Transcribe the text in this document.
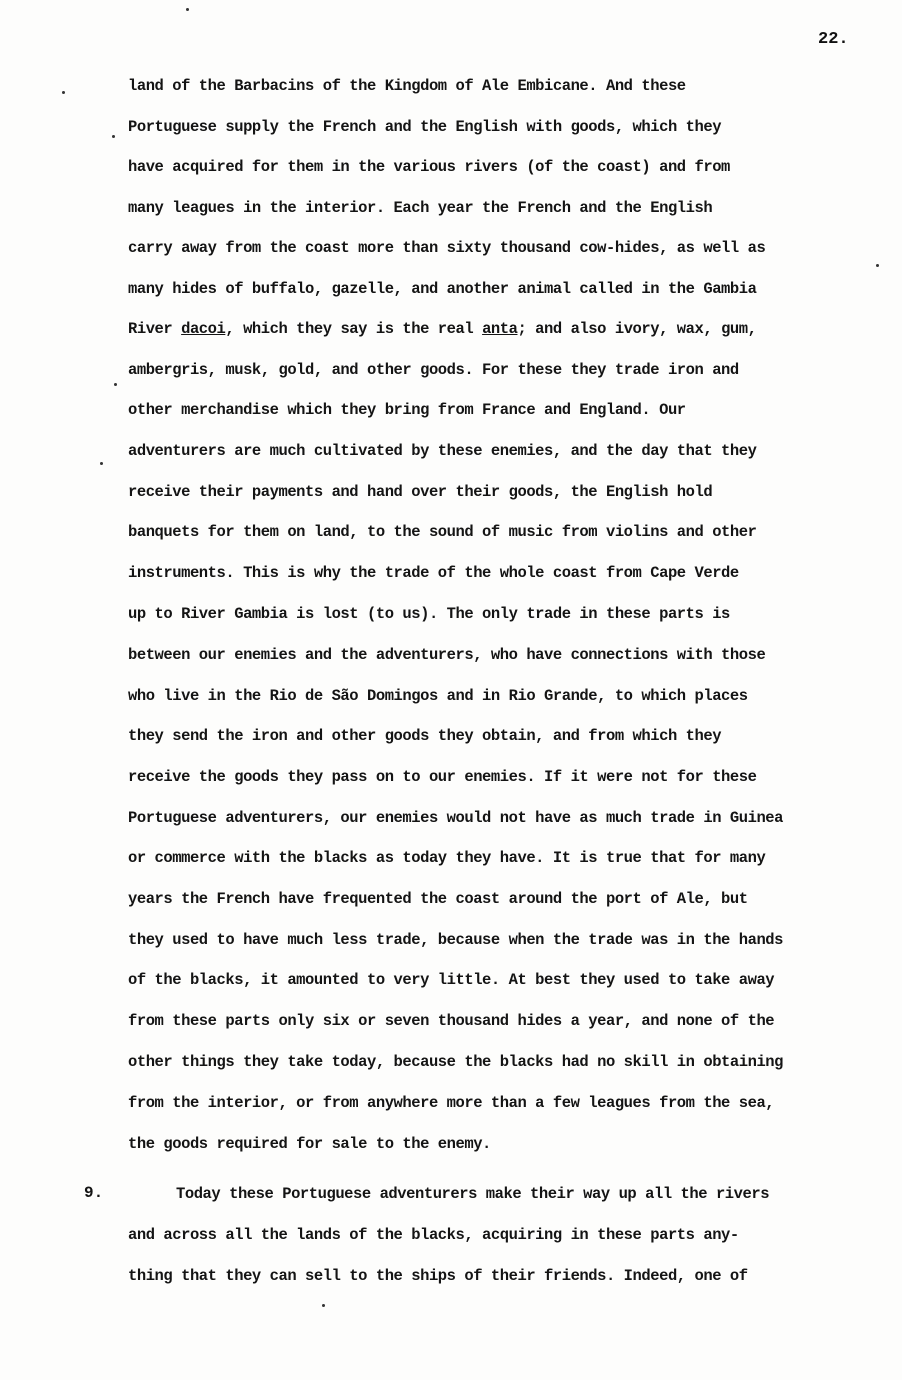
22.
land of the Barbacins of the Kingdom of Ale Embicane. And these
Portuguese supply the French and the English with goods, which they
have acquired for them in the various rivers (of the coast) and from
many leagues in the interior. Each year the French and the English
carry away from the coast more than sixty thousand cow-hides, as well as
many hides of buffalo, gazelle, and another animal called in the Gambia
River dacoi, which they say is the real anta; and also ivory, wax, gum,
ambergris, musk, gold, and other goods. For these they trade iron and
other merchandise which they bring from France and England. Our
adventurers are much cultivated by these enemies, and the day that they
receive their payments and hand over their goods, the English hold
banquets for them on land, to the sound of music from violins and other
instruments. This is why the trade of the whole coast from Cape Verde
up to River Gambia is lost (to us). The only trade in these parts is
between our enemies and the adventurers, who have connections with those
who live in the Rio de São Domingos and in Rio Grande, to which places
they send the iron and other goods they obtain, and from which they
receive the goods they pass on to our enemies. If it were not for these
Portuguese adventurers, our enemies would not have as much trade in Guinea
or commerce with the blacks as today they have. It is true that for many
years the French have frequented the coast around the port of Ale, but
they used to have much less trade, because when the trade was in the hands
of the blacks, it amounted to very little. At best they used to take away
from these parts only six or seven thousand hides a year, and none of the
other things they take today, because the blacks had no skill in obtaining
from the interior, or from anywhere more than a few leagues from the sea,
the goods required for sale to the enemy.
9.	Today these Portuguese adventurers make their way up all the rivers
and across all the lands of the blacks, acquiring in these parts any-
thing that they can sell to the ships of their friends. Indeed, one of
